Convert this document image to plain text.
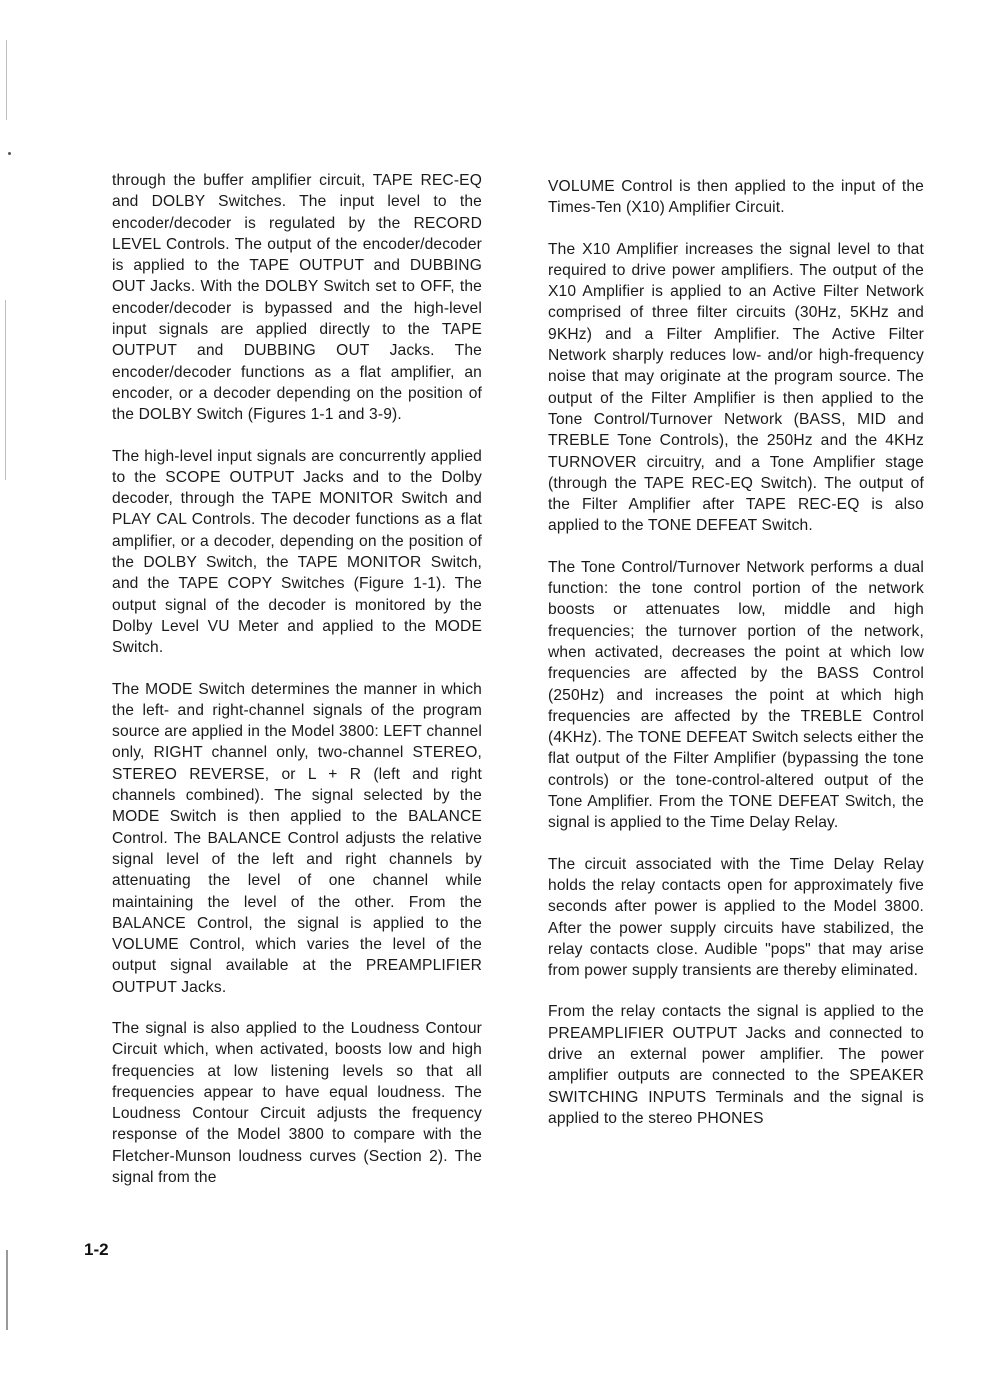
through the buffer amplifier circuit, TAPE REC-EQ and DOLBY Switches. The input level to the encoder/decoder is regulated by the RECORD LEVEL Controls. The output of the encoder/decoder is applied to the TAPE OUTPUT and DUBBING OUT Jacks. With the DOLBY Switch set to OFF, the encoder/decoder is bypassed and the high-level input signals are applied directly to the TAPE OUTPUT and DUBBING OUT Jacks. The encoder/decoder functions as a flat amplifier, an encoder, or a decoder depending on the position of the DOLBY Switch (Figures 1-1 and 3-9).

The high-level input signals are concurrently applied to the SCOPE OUTPUT Jacks and to the Dolby decoder, through the TAPE MONITOR Switch and PLAY CAL Controls. The decoder functions as a flat amplifier, or a decoder, depending on the position of the DOLBY Switch, the TAPE MONITOR Switch, and the TAPE COPY Switches (Figure 1-1). The output signal of the decoder is monitored by the Dolby Level VU Meter and applied to the MODE Switch.

The MODE Switch determines the manner in which the left- and right-channel signals of the program source are applied in the Model 3800: LEFT channel only, RIGHT channel only, two-channel STEREO, STEREO REVERSE, or L + R (left and right channels combined). The signal selected by the MODE Switch is then applied to the BALANCE Control. The BALANCE Control adjusts the relative signal level of the left and right channels by attenuating the level of one channel while maintaining the level of the other. From the BALANCE Control, the signal is applied to the VOLUME Control, which varies the level of the output signal available at the PREAMPLIFIER OUTPUT Jacks.

The signal is also applied to the Loudness Contour Circuit which, when activated, boosts low and high frequencies at low listening levels so that all frequencies appear to have equal loudness. The Loudness Contour Circuit adjusts the frequency response of the Model 3800 to compare with the Fletcher-Munson loudness curves (Section 2). The signal from the

VOLUME Control is then applied to the input of the Times-Ten (X10) Amplifier Circuit.

The X10 Amplifier increases the signal level to that required to drive power amplifiers. The output of the X10 Amplifier is applied to an Active Filter Network comprised of three filter circuits (30Hz, 5KHz and 9KHz) and a Filter Amplifier. The Active Filter Network sharply reduces low- and/or high-frequency noise that may originate at the program source. The output of the Filter Amplifier is then applied to the Tone Control/Turnover Network (BASS, MID and TREBLE Tone Controls), the 250Hz and the 4KHz TURNOVER circuitry, and a Tone Amplifier stage (through the TAPE REC-EQ Switch). The output of the Filter Amplifier after TAPE REC-EQ is also applied to the TONE DEFEAT Switch.

The Tone Control/Turnover Network performs a dual function: the tone control portion of the network boosts or attenuates low, middle and high frequencies; the turnover portion of the network, when activated, decreases the point at which low frequencies are affected by the BASS Control (250Hz) and increases the point at which high frequencies are affected by the TREBLE Control (4KHz). The TONE DEFEAT Switch selects either the flat output of the Filter Amplifier (bypassing the tone controls) or the tone-control-altered output of the Tone Amplifier. From the TONE DEFEAT Switch, the signal is applied to the Time Delay Relay.

The circuit associated with the Time Delay Relay holds the relay contacts open for approximately five seconds after power is applied to the Model 3800. After the power supply circuits have stabilized, the relay contacts close. Audible "pops" that may arise from power supply transients are thereby eliminated.

From the relay contacts the signal is applied to the PREAMPLIFIER OUTPUT Jacks and connected to drive an external power amplifier. The power amplifier outputs are connected to the SPEAKER SWITCHING INPUTS Terminals and the signal is applied to the stereo PHONES

1-2
